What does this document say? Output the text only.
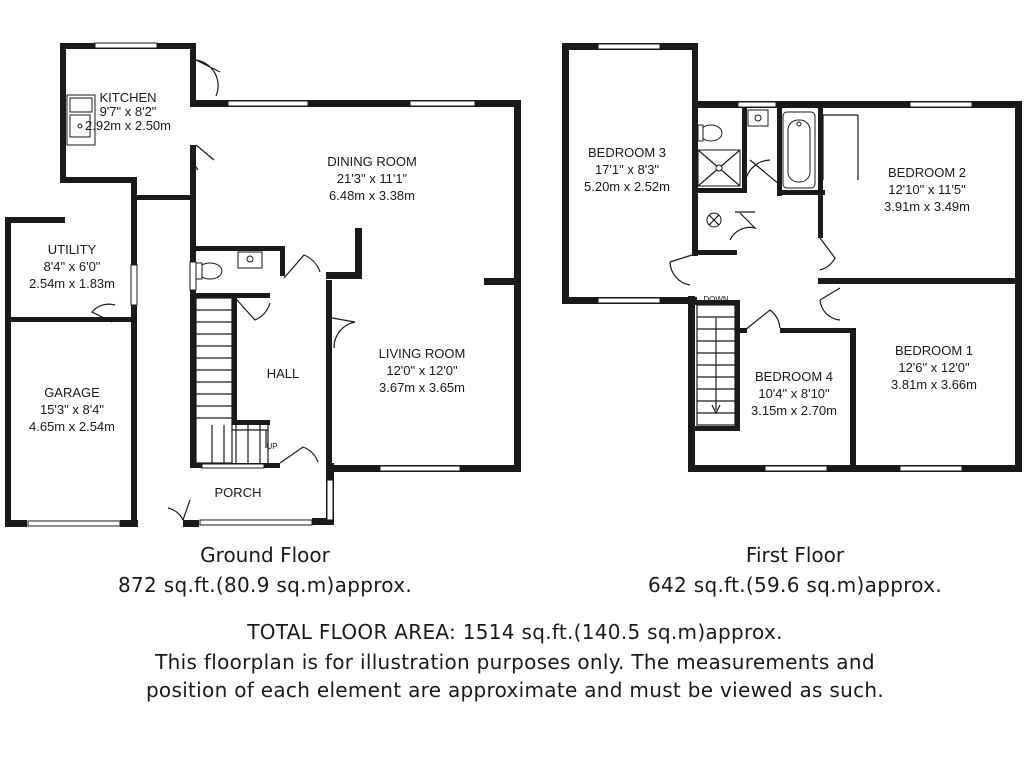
KITCHEN
9'7" x 8'2"
2.92m x 2.50m
DINING ROOM
21'3" x 11'1"
6.48m x 3.38m
UTILITY
8'4" x 6'0"
2.54m x 1.83m
HALL
LIVING ROOM
12'0" x 12'0"
3.67m x 3.65m
GARAGE
15'3" x 8'4"
4.65m x 2.54m
PORCH
UP
BEDROOM 3
17'1" x 8'3"
5.20m x 2.52m
BEDROOM 2
12'10" x 11'5"
3.91m x 3.49m
BEDROOM 1
12'6" x 12'0"
3.81m x 3.66m
BEDROOM 4
10'4" x 8'10"
3.15m x 2.70m
DOWN

Ground Floor

872 sq.ft.(80.9 sq.m)approx.

First Floor

642 sq.ft.(59.6 sq.m)approx.

TOTAL FLOOR AREA: 1514 sq.ft.(140.5 sq.m)approx.

This floorplan is for illustration purposes only. The measurements and position of each element are approximate and must be viewed as such.
